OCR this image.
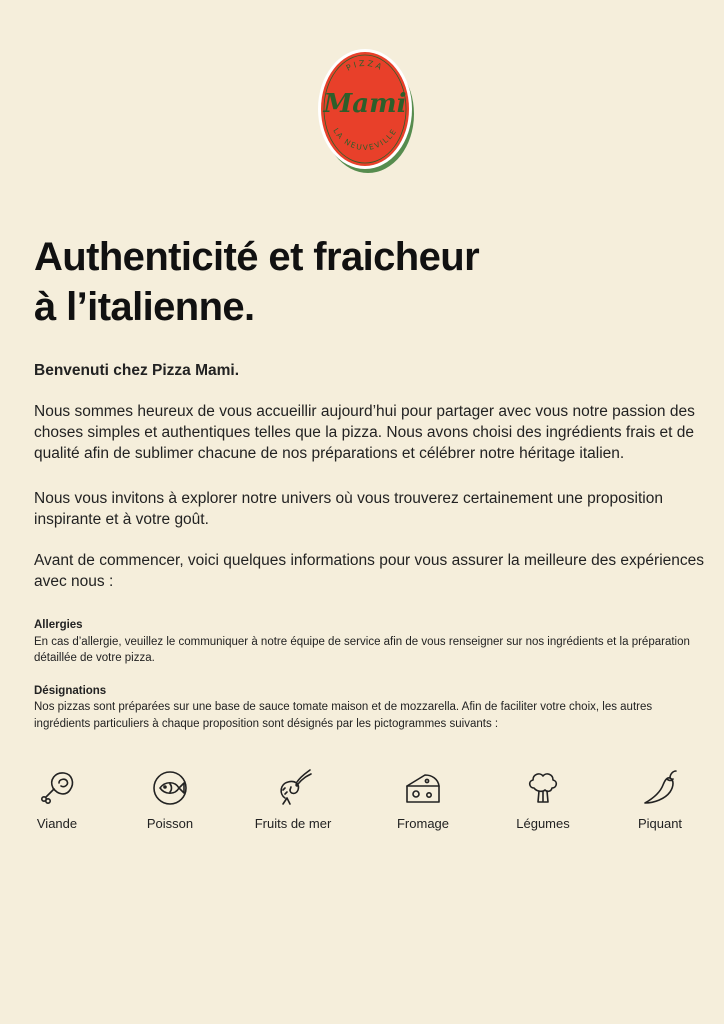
PIZZA
Mami
LA NEUVEVILLE
Authenticité et fraicheur
à l’italienne.

Benvenuti chez Pizza Mami.

Nous sommes heureux de vous accueillir aujourd’hui pour partager avec vous notre passion des choses simples et authentiques telles que la pizza. Nous avons choisi des ingrédients frais et de qualité afin de sublimer chacune de nos préparations et célébrer notre héritage italien.

Nous vous invitons à explorer notre univers où vous trouverez certainement une proposition inspirante et à votre goût.

Avant de commencer, voici quelques informations pour vous assurer la meilleure des expériences avec nous :

Allergies

En cas d’allergie, veuillez le communiquer à notre équipe de service afin de vous renseigner sur nos ingrédients et la préparation détaillée de votre pizza.

Désignations

Nos pizzas sont préparées sur une base de sauce tomate maison et de mozzarella. Afin de faciliter votre choix, les autres ingrédients particuliers à chaque proposition sont désignés par les pictogrammes suivants :

Viande	Poisson	Fruits de mer	Fromage	Légumes	Piquant
